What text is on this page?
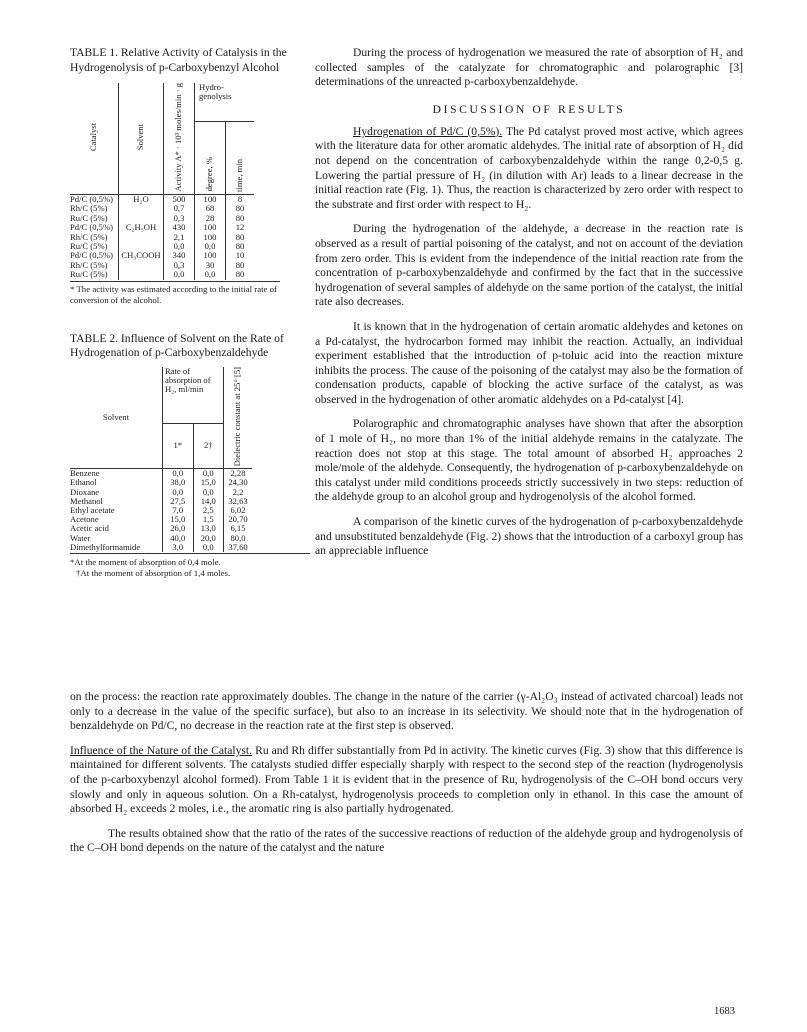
TABLE 1. Relative Activity of Catalysis in the Hydrogenolysis of p-Carboxybenzyl Alcohol

Catalyst	Solvent	Activity A* · 10³ moles/min · g	Hydro-genolysis	
			degree, %	time, min
Pd/C (0,5%)	H₂O	500	100	8
Rh/C (5%)		0,7	68	80
Ru/C (5%)		0,3	28	80
Pd/C (0,5%)	C₂H₅OH	430	100	12
Rh/C (5%)		2,1	100	80
Ru/C (5%)		0,0	0,0	80
Pd/C (0,5%)	CH₃COOH	340	100	10
Rh/C (5%)		0,3	30	80
Ru/C (5%)		0,0	0,0	80

* The activity was estimated according to the initial rate of conversion of the alcohol.

TABLE 2. Influence of Solvent on the Rate of Hydrogenation of p-Carboxybenzaldehyde

Solvent	Rate of absorption of H₂, ml/min		Dielectric constant at 25° [5]
	1*	2†	
Benzene	0,0	0,0	2,28
Ethanol	38,0	15,0	24,30
Dioxane	0,0	0,0	2,2
Methanol	27,5	14,0	32,63
Ethyl acetate	7,0	2,5	6,02
Acetone	15,0	1,5	20,70
Acetic acid	26,0	13,0	6,15
Water	40,0	20,0	80,0
Dimethylformamide	3,0	0,0	37,60

*At the moment of absorption of 0,4 mole.

†At the moment of absorption of 1,4 moles.

During the process of hydrogenation we measured the rate of absorption of H₂ and collected samples of the catalyzate for chromatographic and polarographic [3] determinations of the unreacted p-carboxybenzaldehyde.

DISCUSSION OF RESULTS

Hydrogenation of Pd/C (0,5%). The Pd catalyst proved most active, which agrees with the literature data for other aromatic aldehydes. The initial rate of absorption of H₂ did not depend on the concentration of carboxybenzaldehyde within the range 0,2-0,5 g. Lowering the partial pressure of H₂ (in dilution with Ar) leads to a linear decrease in the initial reaction rate (Fig. 1). Thus, the reaction is characterized by zero order with respect to the substrate and first order with respect to H₂.

During the hydrogenation of the aldehyde, a decrease in the reaction rate is observed as a result of partial poisoning of the catalyst, and not on account of the deviation from zero order. This is evident from the independence of the initial reaction rate from the concentration of p-carboxybenzaldehyde and confirmed by the fact that in the successive hydrogenation of several samples of aldehyde on the same portion of the catalyst, the initial rate also decreases.

It is known that in the hydrogenation of certain aromatic aldehydes and ketones on a Pd-catalyst, the hydrocarbon formed may inhibit the reaction. Actually, an individual experiment established that the introduction of p-toluic acid into the reaction mixture inhibits the process. The cause of the poisoning of the catalyst may also be the formation of condensation products, capable of blocking the active surface of the catalyst, as was observed in the hydrogenation of other aromatic aldehydes on a Pd-catalyst [4].

Polarographic and chromatographic analyses have shown that after the absorption of 1 mole of H₂, no more than 1% of the initial aldehyde remains in the catalyzate. The reaction does not stop at this stage. The total amount of absorbed H₂ approaches 2 mole/mole of the aldehyde. Consequently, the hydrogenation of p-carboxybenzaldehyde on this catalyst under mild conditions proceeds strictly successively in two steps: reduction of the aldehyde group to an alcohol group and hydrogenolysis of the alcohol formed.

A comparison of the kinetic curves of the hydrogenation of p-carboxybenzaldehyde and unsubstituted benzaldehyde (Fig. 2) shows that the introduction of a carboxyl group has an appreciable influence

on the process: the reaction rate approximately doubles. The change in the nature of the carrier (γ-Al₂O₃ instead of activated charcoal) leads not only to a decrease in the value of the specific surface), but also to an increase in its selectivity. We should note that in the hydrogenation of benzaldehyde on Pd/C, no decrease in the reaction rate at the first step is observed.

Influence of the Nature of the Catalyst. Ru and Rh differ substantially from Pd in activity. The kinetic curves (Fig. 3) show that this difference is maintained for different solvents. The catalysts studied differ especially sharply with respect to the second step of the reaction (hydrogenolysis of the p-carboxybenzyl alcohol formed). From Table 1 it is evident that in the presence of Ru, hydrogenolysis of the C–OH bond occurs very slowly and only in aqueous solution. On a Rh-catalyst, hydrogenolysis proceeds to completion only in ethanol. In this case the amount of absorbed H₂ exceeds 2 moles, i.e., the aromatic ring is also partially hydrogenated.

The results obtained show that the ratio of the rates of the successive reactions of reduction of the aldehyde group and hydrogenolysis of the C–OH bond depends on the nature of the catalyst and the nature

1683
